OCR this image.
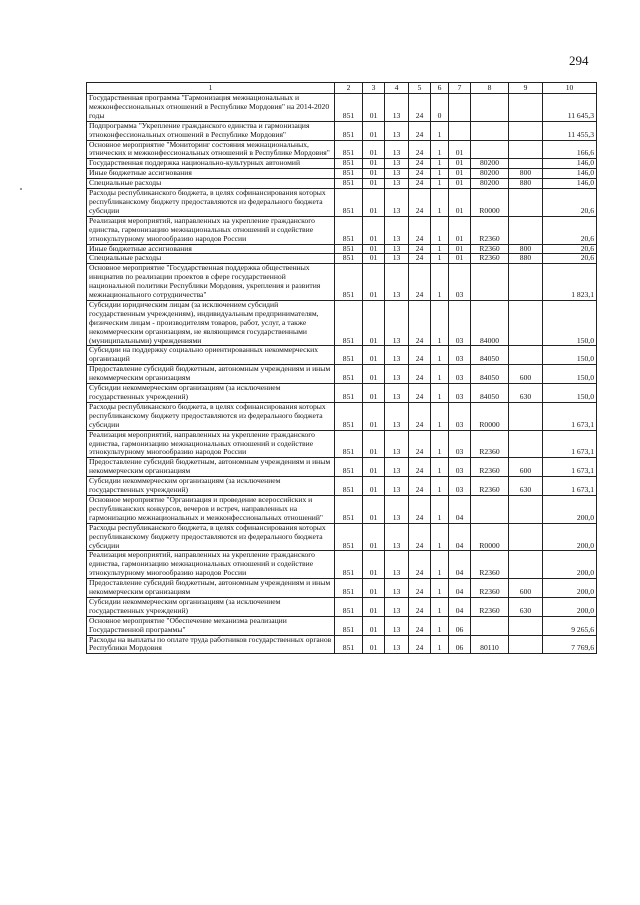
294
1	2	3	4	5	6	7	8	9	10
Государственная программа "Гармонизация межнациональных и межконфессиональных отношений в Республике Мордовия" на 2014-2020 годы	851	01	13	24	0				11 645,3
Подпрограмма "Укрепление гражданского единства и гармонизация этноконфессиональных отношений в Республике Мордовия"	851	01	13	24	1				11 455,3
Основное мероприятие "Мониторинг состояния межнациональных, этнических и межконфессиональных отношений в Республике Мордовия"	851	01	13	24	1	01			166,6
Государственная поддержка национально-культурных автономий	851	01	13	24	1	01	80200		146,0
Иные бюджетные ассигнования	851	01	13	24	1	01	80200	800	146,0
Специальные расходы	851	01	13	24	1	01	80200	880	146,0
Расходы республиканского бюджета, в целях софинансирования которых республиканскому бюджету предоставляются из федерального бюджета субсидии	851	01	13	24	1	01	R0000		20,6
Реализация мероприятий, направленных на укрепление гражданского единства, гармонизацию межнациональных отношений и содействие этнокультурному многообразию народов России	851	01	13	24	1	01	R2360		20,6
Иные бюджетные ассигнования	851	01	13	24	1	01	R2360	800	20,6
Специальные расходы	851	01	13	24	1	01	R2360	880	20,6
Основное мероприятие "Государственная поддержка общественных инициатив по реализации проектов в сфере государственной национальной политики Республики Мордовия, укрепления и развития межнационального сотрудничества"	851	01	13	24	1	03			1 823,1
Субсидии юридическим лицам (за исключением субсидий государственным учреждениям), индивидуальным предпринимателям, физическим лицам - производителям товаров, работ, услуг, а также некоммерческим организациям, не являющимся государственными (муниципальными) учреждениями	851	01	13	24	1	03	84000		150,0
Субсидии на поддержку социально ориентированных некоммерческих организаций	851	01	13	24	1	03	84050		150,0
Предоставление субсидий бюджетным, автономным учреждениям и иным некоммерческим организациям	851	01	13	24	1	03	84050	600	150,0
Субсидии некоммерческим организациям (за исключением государственных учреждений)	851	01	13	24	1	03	84050	630	150,0
Расходы республиканского бюджета, в целях софинансирования которых республиканскому бюджету предоставляются из федерального бюджета субсидии	851	01	13	24	1	03	R0000		1 673,1
Реализация мероприятий, направленных на укрепление гражданского единства, гармонизацию межнациональных отношений и содействие этнокультурному многообразию народов России	851	01	13	24	1	03	R2360		1 673,1
Предоставление субсидий бюджетным, автономным учреждениям и иным некоммерческим организациям	851	01	13	24	1	03	R2360	600	1 673,1
Субсидии некоммерческим организациям (за исключением государственных учреждений)	851	01	13	24	1	03	R2360	630	1 673,1
Основное мероприятие "Организация и проведение всероссийских и республиканских конкурсов, вечеров и встреч, направленных на гармонизацию межнациональных и межконфессиональных отношений"	851	01	13	24	1	04			200,0
Расходы республиканского бюджета, в целях софинансирования которых республиканскому бюджету предоставляются из федерального бюджета субсидии	851	01	13	24	1	04	R0000		200,0
Реализация мероприятий, направленных на укрепление гражданского единства, гармонизацию межнациональных отношений и содействие этнокультурному многообразию народов России	851	01	13	24	1	04	R2360		200,0
Предоставление субсидий бюджетным, автономным учреждениям и иным некоммерческим организациям	851	01	13	24	1	04	R2360	600	200,0
Субсидии некоммерческим организациям (за исключением государственных учреждений)	851	01	13	24	1	04	R2360	630	200,0
Основное мероприятие "Обеспечение механизма реализации Государственной программы"	851	01	13	24	1	06			9 265,6
Расходы на выплаты по оплате труда работников государственных органов Республики Мордовия	851	01	13	24	1	06	80110		7 769,6
